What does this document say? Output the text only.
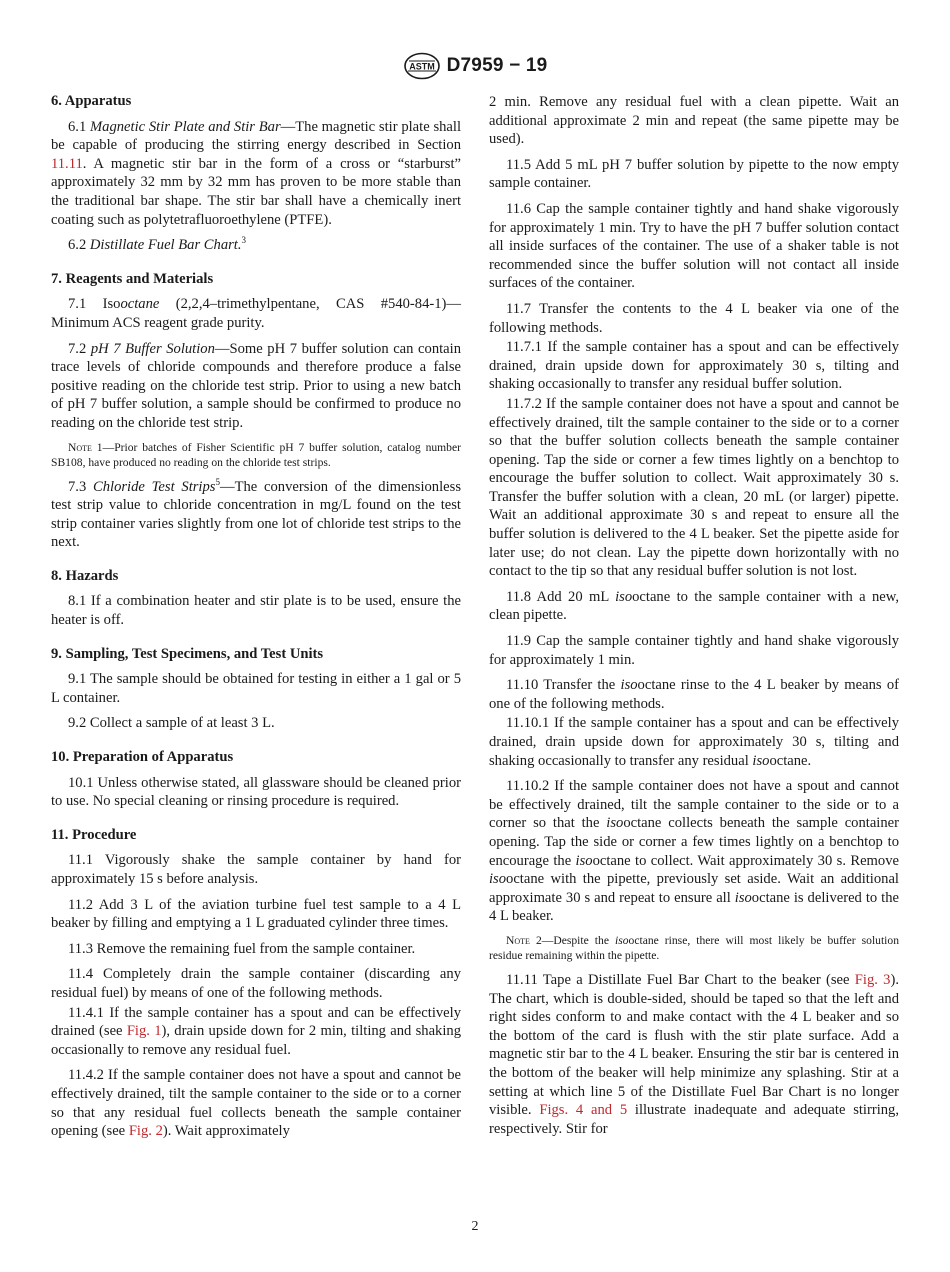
ASTM D7959 − 19
6. Apparatus
6.1 Magnetic Stir Plate and Stir Bar—The magnetic stir plate shall be capable of producing the stirring energy described in Section 11.11. A magnetic stir bar in the form of a cross or “starburst” approximately 32 mm by 32 mm has proven to be more stable than the traditional bar shape. The stir bar shall have a chemically inert coating such as polytetrafluoroethylene (PTFE).
6.2 Distillate Fuel Bar Chart.$^3$
7. Reagents and Materials
7.1 Isooctane (2,2,4–trimethylpentane, CAS #540-84-1)—Minimum ACS reagent grade purity.
7.2 pH 7 Buffer Solution—Some pH 7 buffer solution can contain trace levels of chloride compounds and therefore produce a false positive reading on the chloride test strip. Prior to using a new batch of pH 7 buffer solution, a sample should be confirmed to produce no reading on the chloride test strip.
Note 1—Prior batches of Fisher Scientific pH 7 buffer solution, catalog number SB108, have produced no reading on the chloride test strips.
7.3 Chloride Test Strips$^5$—The conversion of the dimensionless test strip value to chloride concentration in mg/L found on the test strip container varies slightly from one lot of chloride test strips to the next.
8. Hazards
8.1 If a combination heater and stir plate is to be used, ensure the heater is off.
9. Sampling, Test Specimens, and Test Units
9.1 The sample should be obtained for testing in either a 1 gal or 5 L container.
9.2 Collect a sample of at least 3 L.
10. Preparation of Apparatus
10.1 Unless otherwise stated, all glassware should be cleaned prior to use. No special cleaning or rinsing procedure is required.
11. Procedure
11.1 Vigorously shake the sample container by hand for approximately 15 s before analysis.
11.2 Add 3 L of the aviation turbine fuel test sample to a 4 L beaker by filling and emptying a 1 L graduated cylinder three times.
11.3 Remove the remaining fuel from the sample container.
11.4 Completely drain the sample container (discarding any residual fuel) by means of one of the following methods.
11.4.1 If the sample container has a spout and can be effectively drained (see Fig. 1), drain upside down for 2 min, tilting and shaking occasionally to remove any residual fuel.
11.4.2 If the sample container does not have a spout and cannot be effectively drained, tilt the sample container to the side or to a corner so that any residual fuel collects beneath the sample container opening (see Fig. 2). Wait approximately
2 min. Remove any residual fuel with a clean pipette. Wait an additional approximate 2 min and repeat (the same pipette may be used).
11.5 Add 5 mL pH 7 buffer solution by pipette to the now empty sample container.
11.6 Cap the sample container tightly and hand shake vigorously for approximately 1 min. Try to have the pH 7 buffer solution contact all inside surfaces of the container. The use of a shaker table is not recommended since the buffer solution will not contact all inside surfaces of the container.
11.7 Transfer the contents to the 4 L beaker via one of the following methods.
11.7.1 If the sample container has a spout and can be effectively drained, drain upside down for approximately 30 s, tilting and shaking occasionally to transfer any residual buffer solution.
11.7.2 If the sample container does not have a spout and cannot be effectively drained, tilt the sample container to the side or to a corner so that the buffer solution collects beneath the sample container opening. Tap the side or corner a few times lightly on a benchtop to encourage the buffer solution to collect. Wait approximately 30 s. Transfer the buffer solution with a clean, 20 mL (or larger) pipette. Wait an additional approximate 30 s and repeat to ensure all the buffer solution is delivered to the 4 L beaker. Set the pipette aside for later use; do not clean. Lay the pipette down horizontally with no contact to the tip so that any residual buffer solution is not lost.
11.8 Add 20 mL isooctane to the sample container with a new, clean pipette.
11.9 Cap the sample container tightly and hand shake vigorously for approximately 1 min.
11.10 Transfer the isooctane rinse to the 4 L beaker by means of one of the following methods.
11.10.1 If the sample container has a spout and can be effectively drained, drain upside down for approximately 30 s, tilting and shaking occasionally to transfer any residual isooctane.
11.10.2 If the sample container does not have a spout and cannot be effectively drained, tilt the sample container to the side or to a corner so that the isooctane collects beneath the sample container opening. Tap the side or corner a few times lightly on a benchtop to encourage the isooctane to collect. Wait approximately 30 s. Remove isooctane with the pipette, previously set aside. Wait an additional approximate 30 s and repeat to ensure all isooctane is delivered to the 4 L beaker.
Note 2—Despite the isooctane rinse, there will most likely be buffer solution residue remaining within the pipette.
11.11 Tape a Distillate Fuel Bar Chart to the beaker (see Fig. 3). The chart, which is double-sided, should be taped so that the left and right sides conform to and make contact with the 4 L beaker and so the bottom of the card is flush with the stir plate surface. Add a magnetic stir bar to the 4 L beaker. Ensuring the stir bar is centered in the bottom of the beaker will help minimize any splashing. Stir at a setting at which line 5 of the Distillate Fuel Bar Chart is no longer visible. Figs. 4 and 5 illustrate inadequate and adequate stirring, respectively. Stir for
2
